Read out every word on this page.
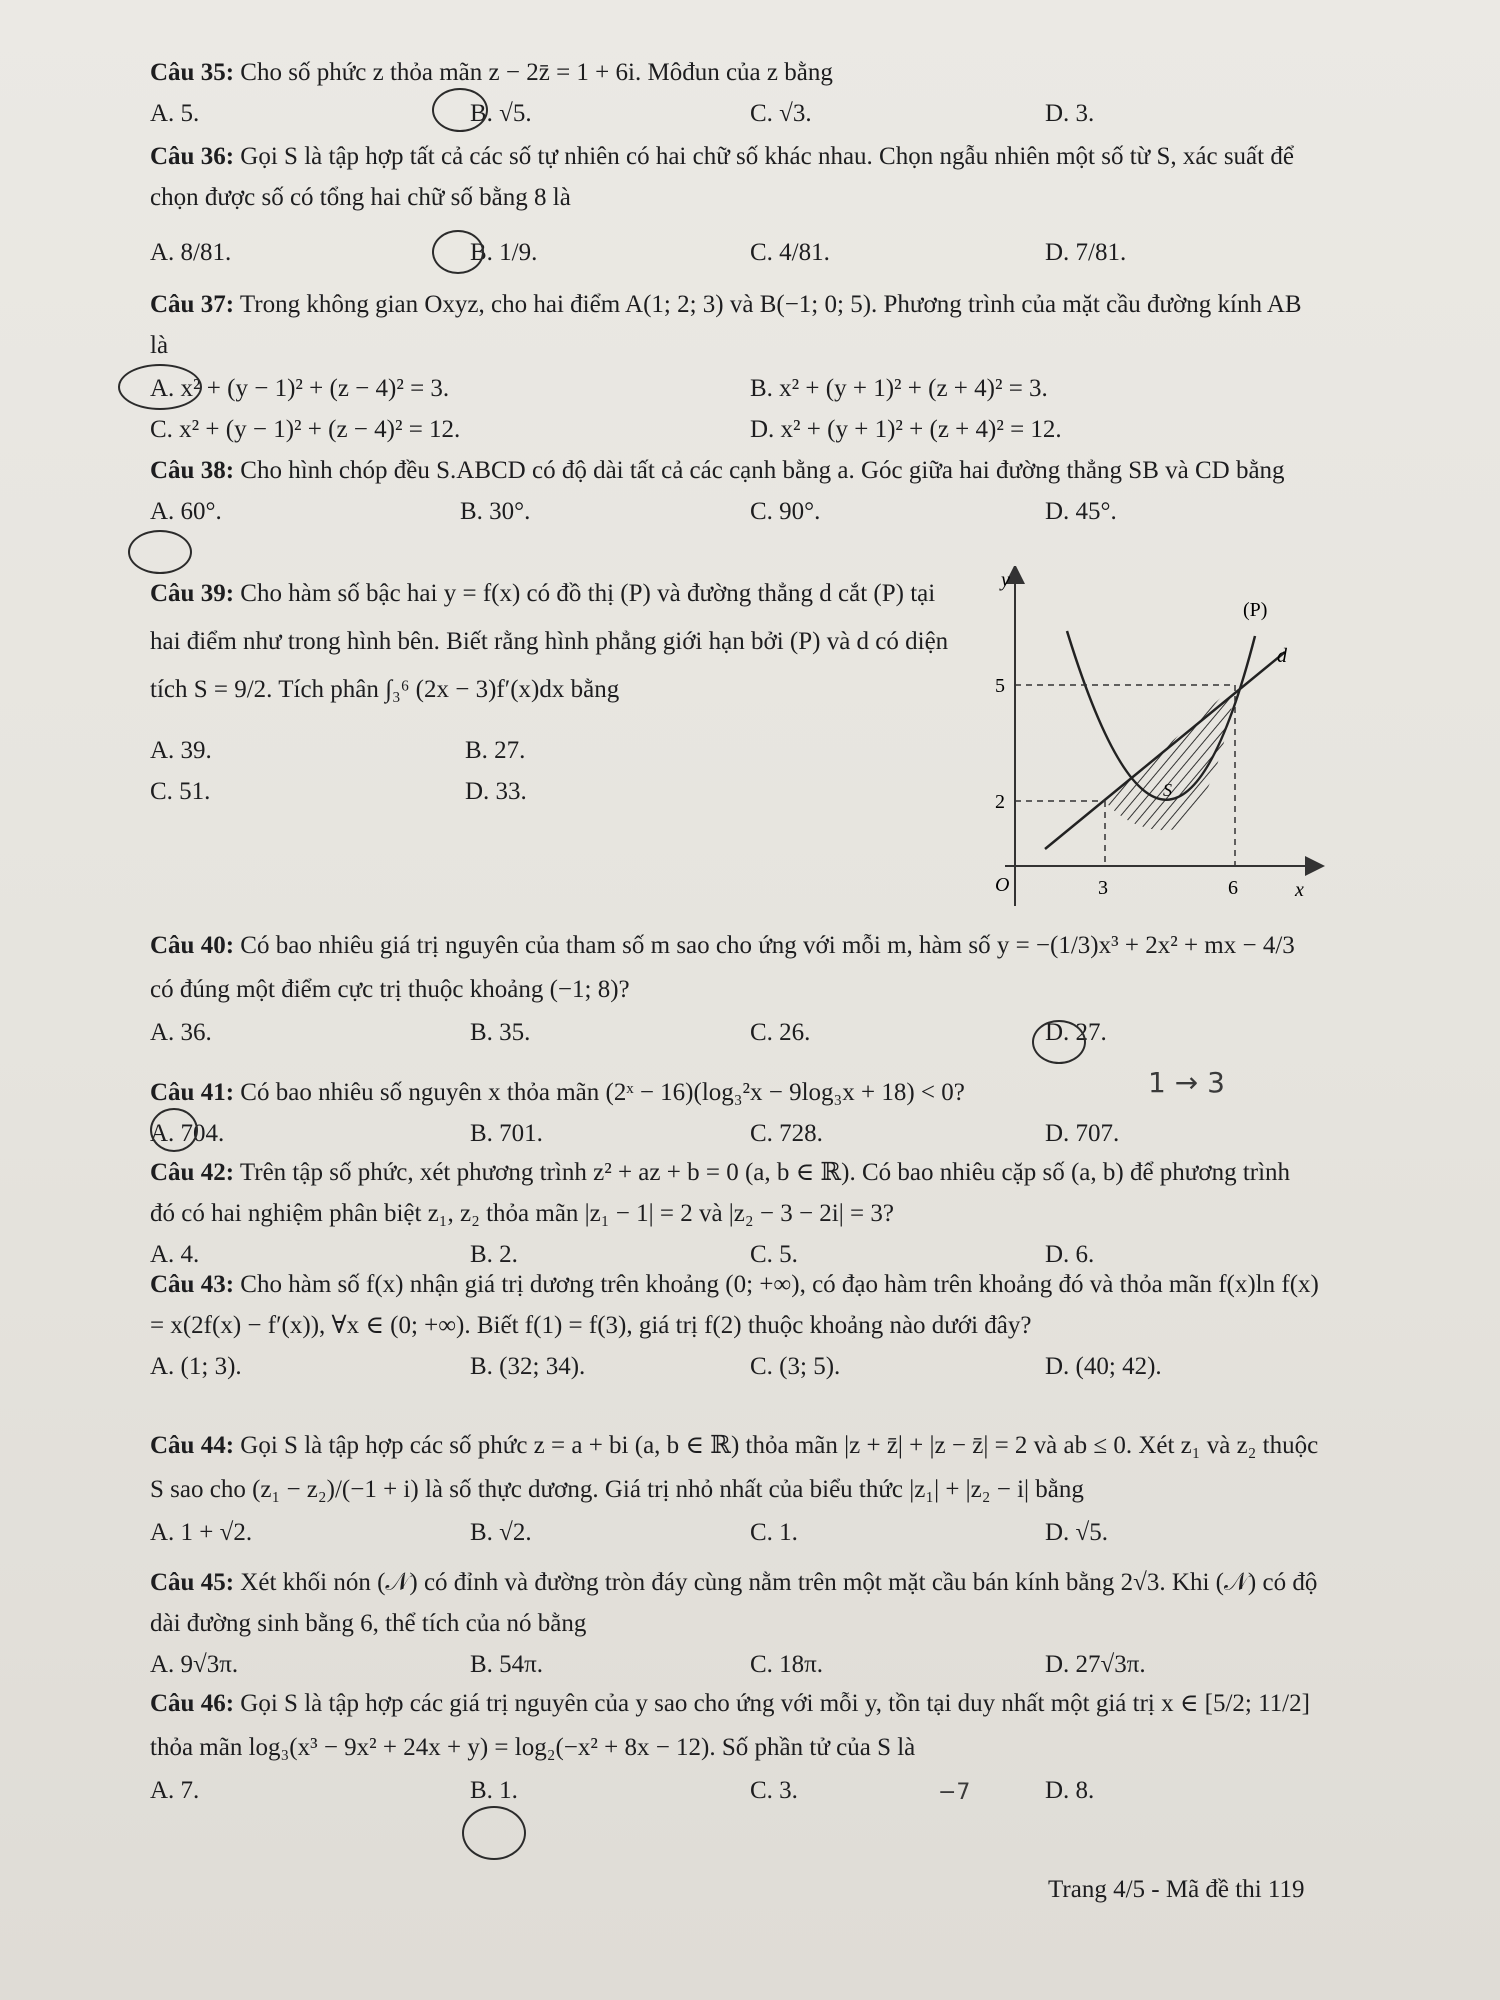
Câu 35: Cho số phức z thỏa mãn z − 2z̄ = 1 + 6i. Môđun của z bằng

A. 5.	B. √5.	C. √3.	D. 3.

Câu 36: Gọi S là tập hợp tất cả các số tự nhiên có hai chữ số khác nhau. Chọn ngẫu nhiên một số từ S, xác suất để chọn được số có tổng hai chữ số bằng 8 là

A. 8/81.	B. 1/9.	C. 4/81.	D. 7/81.

Câu 37: Trong không gian Oxyz, cho hai điểm A(1; 2; 3) và B(−1; 0; 5). Phương trình của mặt cầu đường kính AB là

A. x² + (y − 1)² + (z − 4)² = 3.	B. x² + (y + 1)² + (z + 4)² = 3.
C. x² + (y − 1)² + (z − 4)² = 12.	D. x² + (y + 1)² + (z + 4)² = 12.

Câu 38: Cho hình chóp đều S.ABCD có độ dài tất cả các cạnh bằng a. Góc giữa hai đường thẳng SB và CD bằng

A. 60°.	B. 30°.	C. 90°.	D. 45°.

Câu 39: Cho hàm số bậc hai y = f(x) có đồ thị (P) và đường thẳng d cắt (P) tại hai điểm như trong hình bên. Biết rằng hình phẳng giới hạn bởi (P) và d có diện tích S = 9/2. Tích phân ∫₃⁶ (2x − 3)f′(x)dx bằng

A. 39.	B. 27.
C. 51.	D. 33.
y
x
(P)
d
S
O	3	6
5
2

Câu 40: Có bao nhiêu giá trị nguyên của tham số m sao cho ứng với mỗi m, hàm số y = −(1/3)x³ + 2x² + mx − 4/3 có đúng một điểm cực trị thuộc khoảng (−1; 8)?

A. 36.	B. 35.	C. 26.	D. 27.

Câu 41: Có bao nhiêu số nguyên x thỏa mãn (2ˣ − 16)(log₃²x − 9log₃x + 18) < 0?

A. 704.	B. 701.	C. 728.	D. 707.

Câu 42: Trên tập số phức, xét phương trình z² + az + b = 0 (a, b ∈ ℝ). Có bao nhiêu cặp số (a, b) để phương trình đó có hai nghiệm phân biệt z₁, z₂ thỏa mãn |z₁ − 1| = 2 và |z₂ − 3 − 2i| = 3?

A. 4.	B. 2.	C. 5.	D. 6.

Câu 43: Cho hàm số f(x) nhận giá trị dương trên khoảng (0; +∞), có đạo hàm trên khoảng đó và thỏa mãn f(x)ln f(x) = x(2f(x) − f′(x)), ∀x ∈ (0; +∞). Biết f(1) = f(3), giá trị f(2) thuộc khoảng nào dưới đây?

A. (1; 3).	B. (32; 34).	C. (3; 5).	D. (40; 42).

Câu 44: Gọi S là tập hợp các số phức z = a + bi (a, b ∈ ℝ) thỏa mãn |z + z̄| + |z − z̄| = 2 và ab ≤ 0. Xét z₁ và z₂ thuộc S sao cho (z₁ − z₂)/(−1 + i) là số thực dương. Giá trị nhỏ nhất của biểu thức |z₁| + |z₂ − i| bằng

A. 1 + √2.	B. √2.	C. 1.	D. √5.

Câu 45: Xét khối nón (𝒩) có đỉnh và đường tròn đáy cùng nằm trên một mặt cầu bán kính bằng 2√3. Khi (𝒩) có độ dài đường sinh bằng 6, thể tích của nó bằng

A. 9√3π.	B. 54π.	C. 18π.	D. 27√3π.

Câu 46: Gọi S là tập hợp các giá trị nguyên của y sao cho ứng với mỗi y, tồn tại duy nhất một giá trị x ∈ [5/2; 11/2] thỏa mãn log₃(x³ − 9x² + 24x + y) = log₂(−x² + 8x − 12). Số phần tử của S là

A. 7.	B. 1.	C. 3.	D. 8.
1 → 3
−7
Trang 4/5 - Mã đề thi 119
